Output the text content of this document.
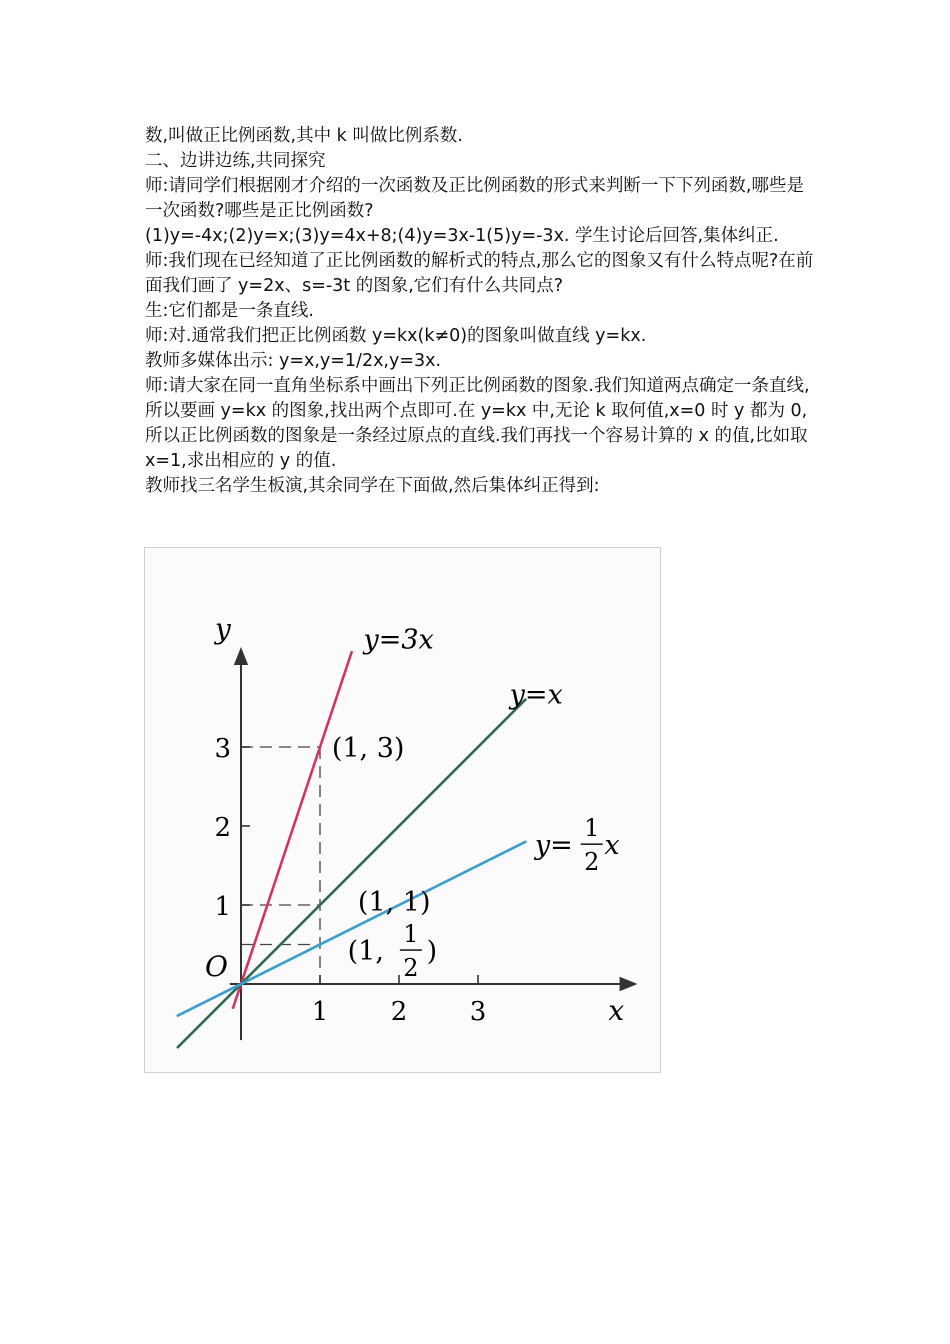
数,叫做正比例函数,其中 k 叫做比例系数.

二、边讲边练,共同探究

师:请同学们根据刚才介绍的一次函数及正比例函数的形式来判断一下下列函数,哪些是一次函数?哪些是正比例函数?

(1)y=-4x;(2)y=x;(3)y=4x+8;(4)y=3x-1(5)y=-3x. 学生讨论后回答,集体纠正.

师:我们现在已经知道了正比例函数的解析式的特点,那么它的图象又有什么特点呢?在前面我们画了 y=2x、s=-3t 的图象,它们有什么共同点?

生:它们都是一条直线.

师:对.通常我们把正比例函数 y=kx(k≠0)的图象叫做直线 y=kx.

教师多媒体出示: y=x,y=1/2x,y=3x.

师:请大家在同一直角坐标系中画出下列正比例函数的图象.我们知道两点确定一条直线,所以要画 y=kx 的图象,找出两个点即可.在 y=kx 中,无论 k 取何值,x=0 时 y 都为 0,所以正比例函数的图象是一条经过原点的直线.我们再找一个容易计算的 x 的值,比如取 x=1,求出相应的 y 的值.

教师找三名学生板演,其余同学在下面做,然后集体纠正得到:

y
x
O
1 2 3
1
2
3
y=3x
y=x
y=
1
2
x
(1, 3)
(1, 1)
(1,
1
2
)
